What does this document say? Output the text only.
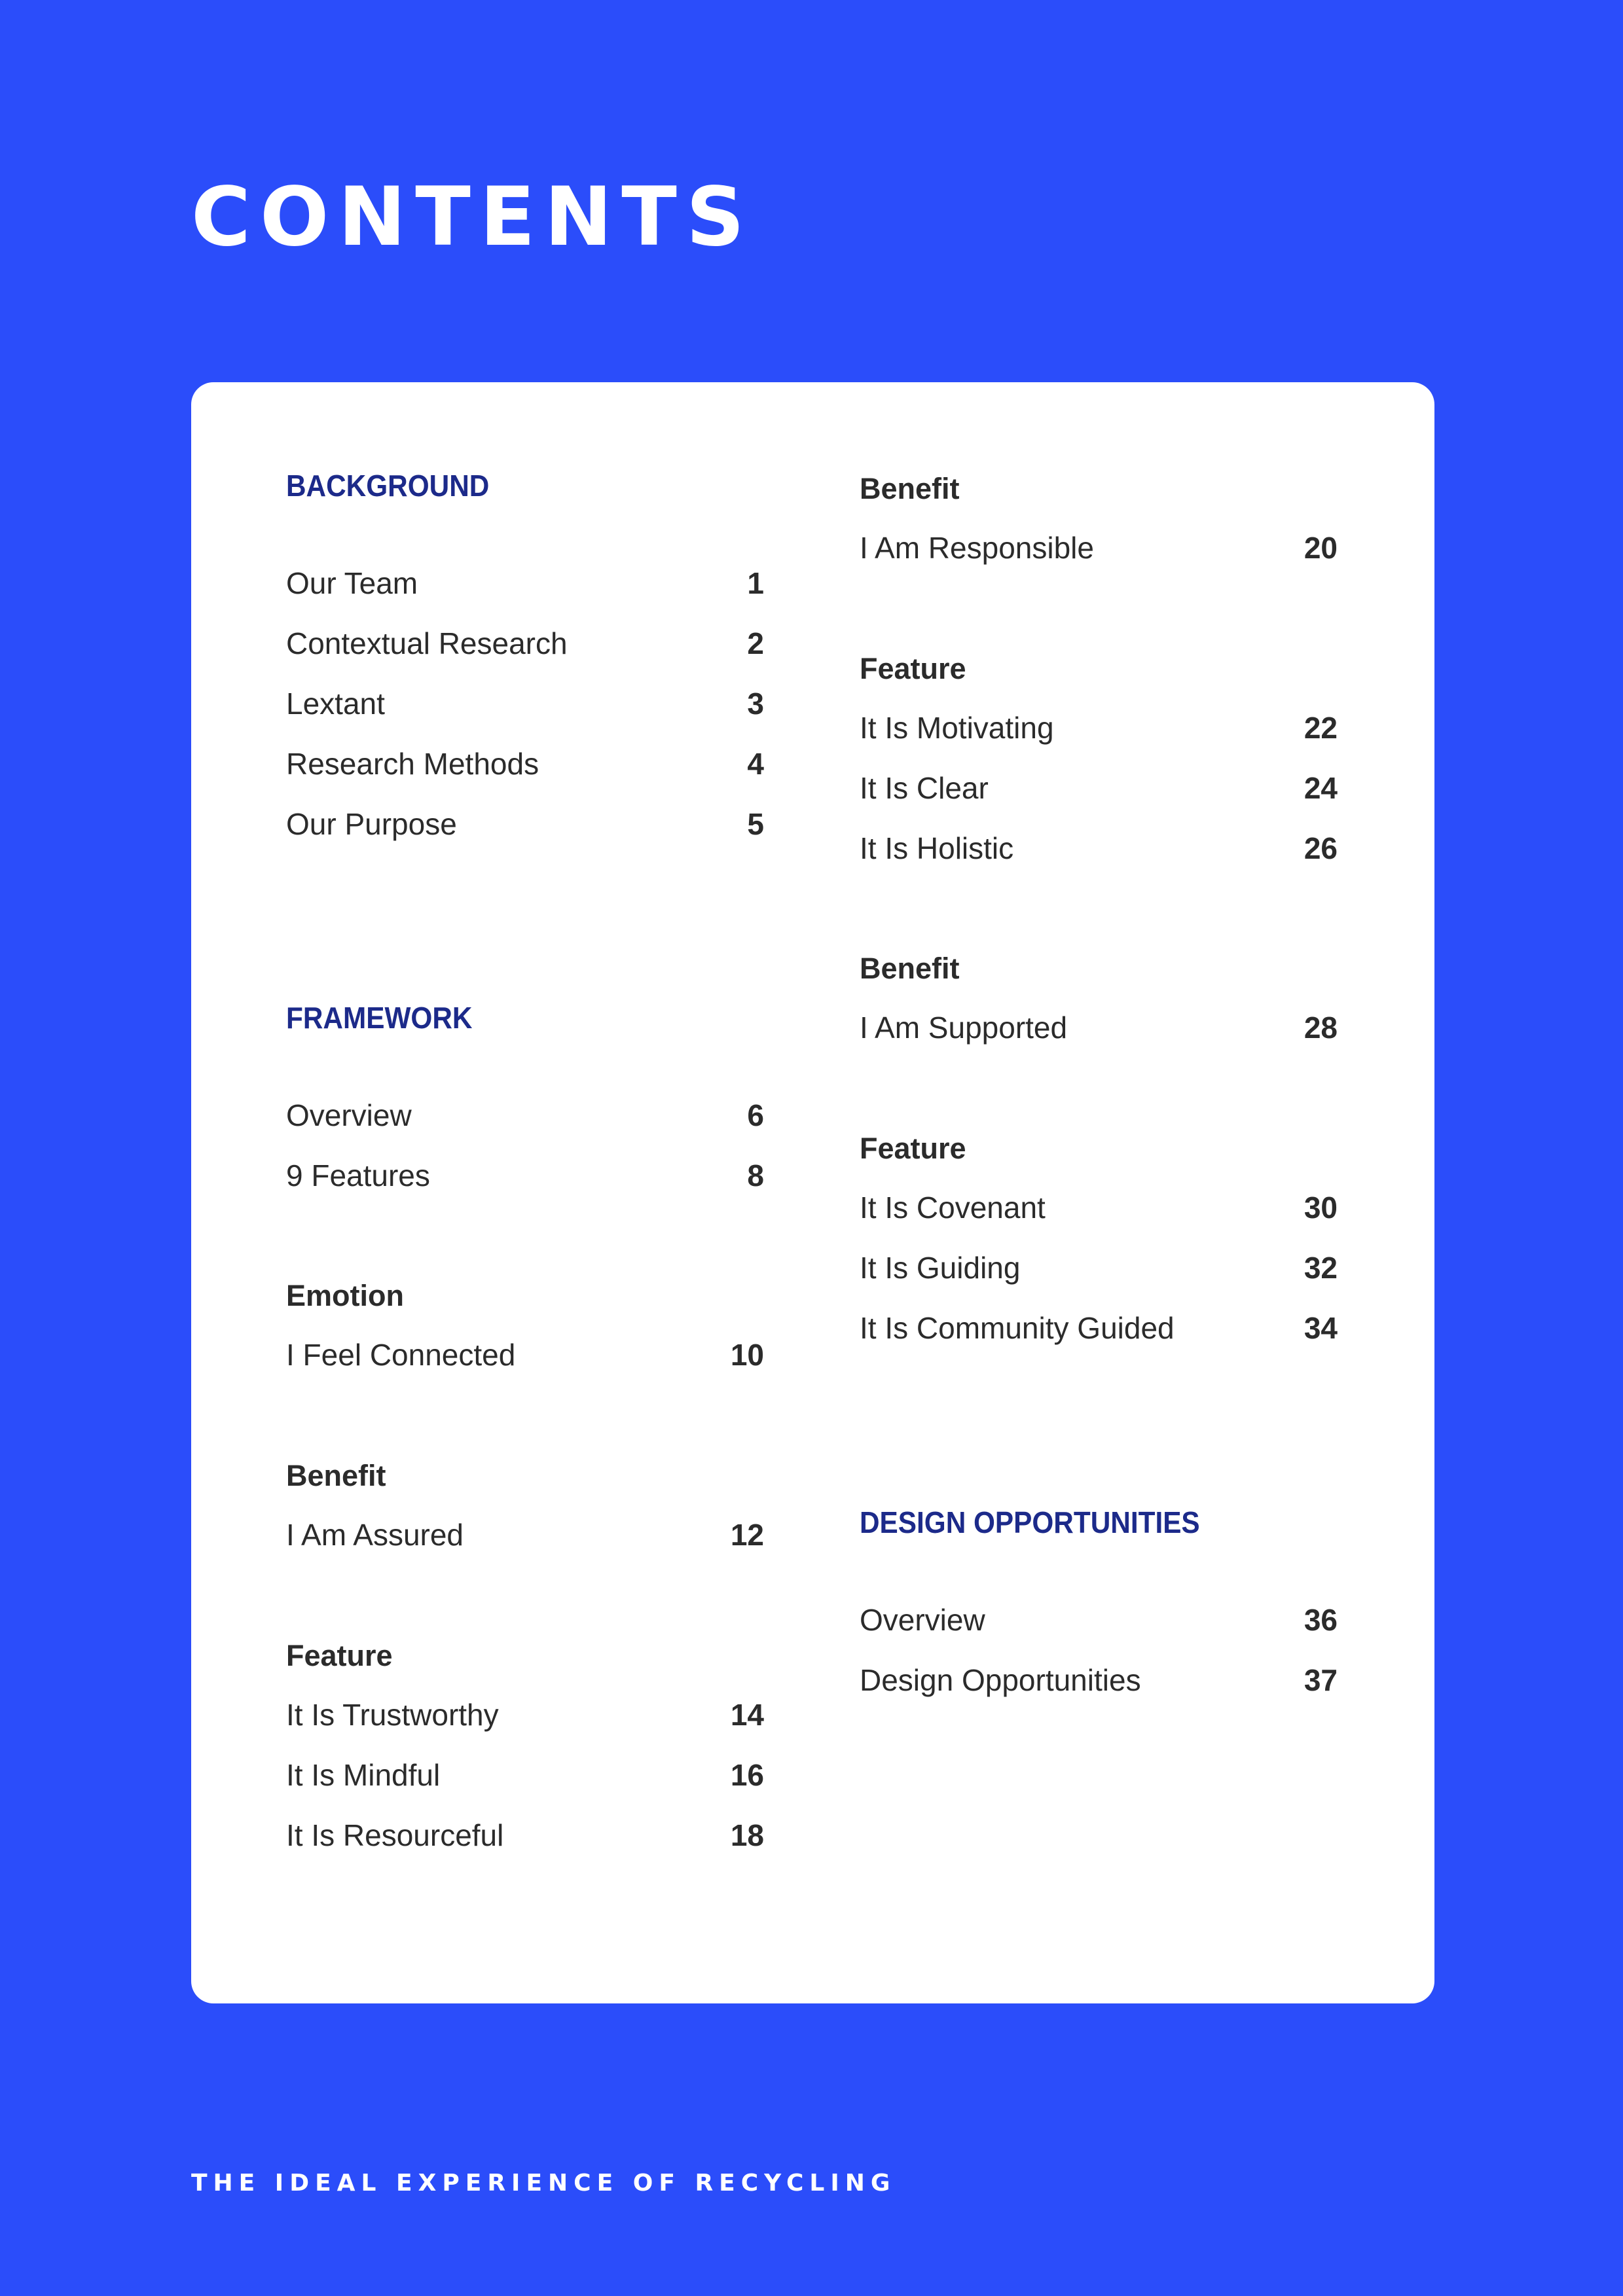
CONTENTS
BACKGROUND
Our Team	1
Contextual Research	2
Lextant	3
Research Methods	4
Our Purpose	5
FRAMEWORK
Overview	6
9 Features	8
Emotion
I Feel Connected	10
Benefit
I Am Assured	12
Feature
It Is Trustworthy	14
It Is Mindful	16
It Is Resourceful	18
Benefit
I Am Responsible	20
Feature
It Is Motivating	22
It Is Clear	24
It Is Holistic	26
Benefit
I Am Supported	28
Feature
It Is Covenant	30
It Is Guiding	32
It Is Community Guided	34
DESIGN OPPORTUNITIES
Overview	36
Design Opportunities	37

THE IDEAL EXPERIENCE OF RECYCLING
